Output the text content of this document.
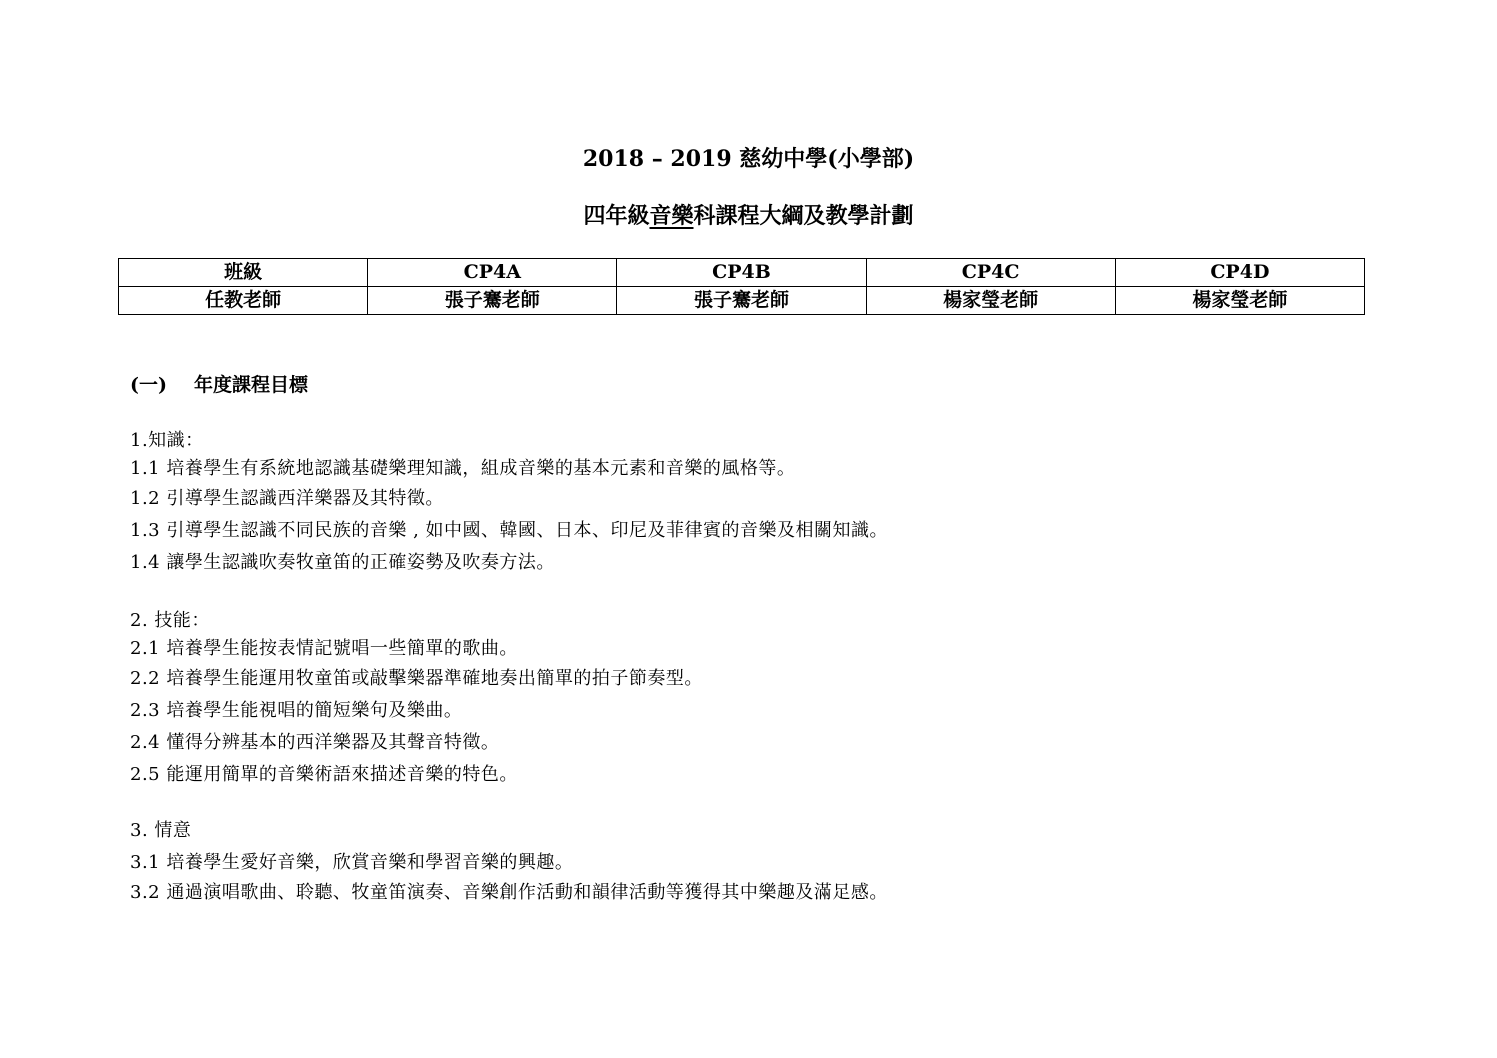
2018 – 2019 慈幼中學(小學部)
四年級音樂科課程大綱及教學計劃
班級	CP4A	CP4B	CP4C	CP4D
任教老師	張子騫老師	張子騫老師	楊家瑩老師	楊家瑩老師
(一) 年度課程目標
1.知識：
1.1 培養學生有系統地認識基礎樂理知識，組成音樂的基本元素和音樂的風格等。
1.2 引導學生認識西洋樂器及其特徵。
1.3 引導學生認識不同民族的音樂 , 如中國、韓國、日本、印尼及菲律賓的音樂及相關知識。
1.4 讓學生認識吹奏牧童笛的正確姿勢及吹奏方法。
2. 技能：
2.1 培養學生能按表情記號唱一些簡單的歌曲。
2.2 培養學生能運用牧童笛或敲擊樂器準確地奏出簡單的拍子節奏型。
2.3 培養學生能視唱的簡短樂句及樂曲。
2.4 懂得分辨基本的西洋樂器及其聲音特徵。
2.5 能運用簡單的音樂術語來描述音樂的特色。
3. 情意
3.1 培養學生愛好音樂，欣賞音樂和學習音樂的興趣。
3.2 通過演唱歌曲、聆聽、牧童笛演奏、音樂創作活動和韻律活動等獲得其中樂趣及滿足感。
